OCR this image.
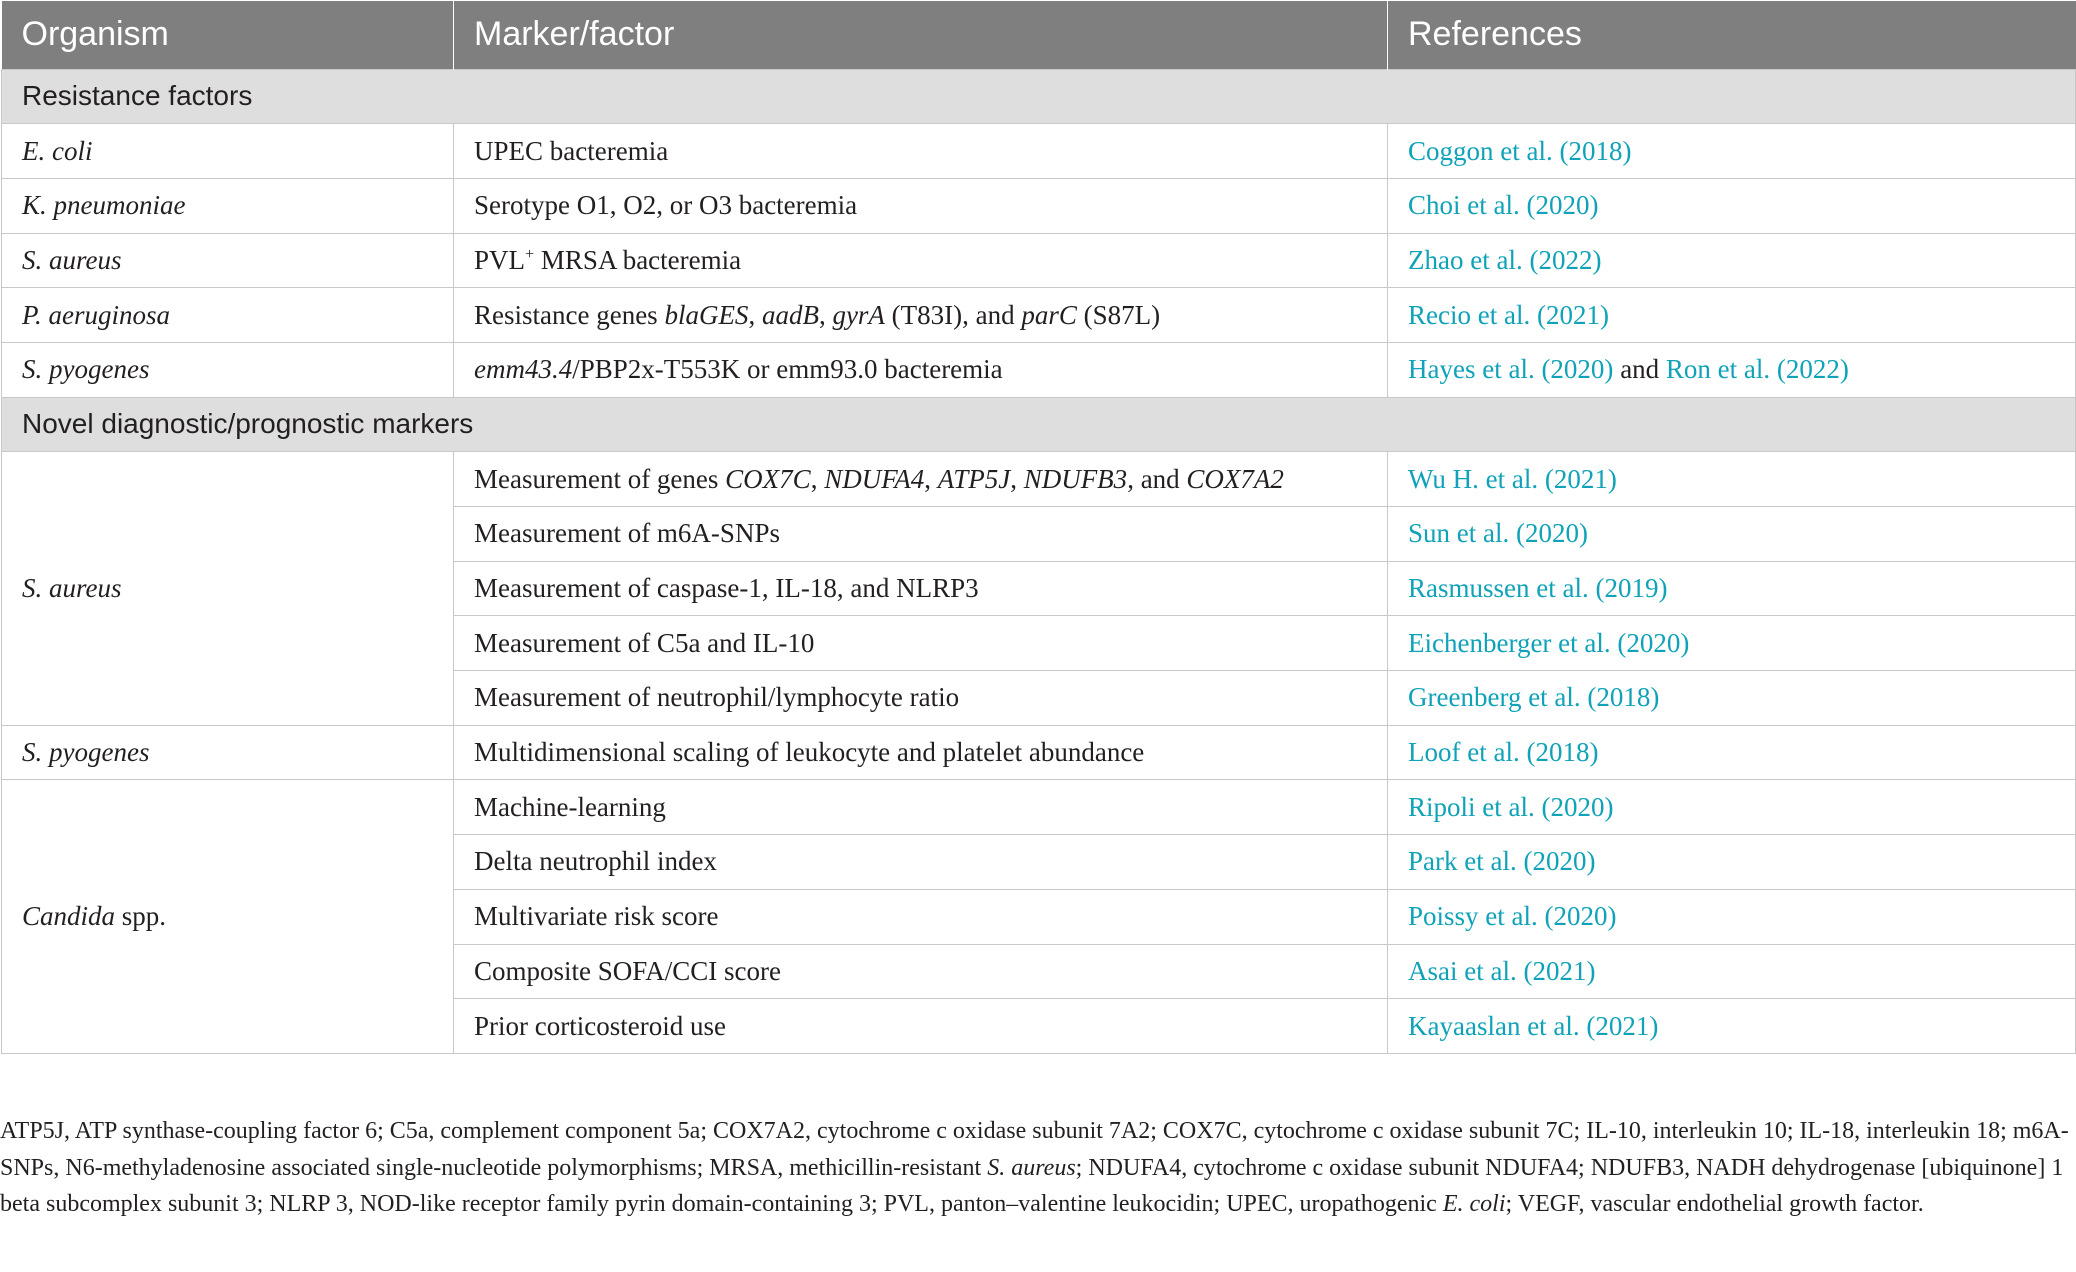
Organism	Marker/factor	References
Resistance factors		
E. coli	UPEC bacteremia	Coggon et al. (2018)
K. pneumoniae	Serotype O1, O2, or O3 bacteremia	Choi et al. (2020)
S. aureus	PVL+ MRSA bacteremia	Zhao et al. (2022)
P. aeruginosa	Resistance genes blaGES, aadB, gyrA (T83I), and parC (S87L)	Recio et al. (2021)
S. pyogenes	emm43.4/PBP2x-T553K or emm93.0 bacteremia	Hayes et al. (2020) and Ron et al. (2022)
Novel diagnostic/prognostic markers		
S. aureus	Measurement of genes COX7C, NDUFA4, ATP5J, NDUFB3, and COX7A2	Wu H. et al. (2021)
	Measurement of m6A-SNPs	Sun et al. (2020)
	Measurement of caspase-1, IL-18, and NLRP3	Rasmussen et al. (2019)
	Measurement of C5a and IL-10	Eichenberger et al. (2020)
	Measurement of neutrophil/lymphocyte ratio	Greenberg et al. (2018)
S. pyogenes	Multidimensional scaling of leukocyte and platelet abundance	Loof et al. (2018)
Candida spp.	Machine-learning	Ripoli et al. (2020)
	Delta neutrophil index	Park et al. (2020)
	Multivariate risk score	Poissy et al. (2020)
	Composite SOFA/CCI score	Asai et al. (2021)
	Prior corticosteroid use	Kayaaslan et al. (2021)
ATP5J, ATP synthase-coupling factor 6; C5a, complement component 5a; COX7A2, cytochrome c oxidase subunit 7A2; COX7C, cytochrome c oxidase subunit 7C; IL-10, interleukin 10; IL-18, interleukin 18; m6A-SNPs, N6-methyladenosine associated single-nucleotide polymorphisms; MRSA, methicillin-resistant S. aureus; NDUFA4, cytochrome c oxidase subunit NDUFA4; NDUFB3, NADH dehydrogenase [ubiquinone] 1 beta subcomplex subunit 3; NLRP 3, NOD-like receptor family pyrin domain-containing 3; PVL, panton–valentine leukocidin; UPEC, uropathogenic E. coli; VEGF, vascular endothelial growth factor.
